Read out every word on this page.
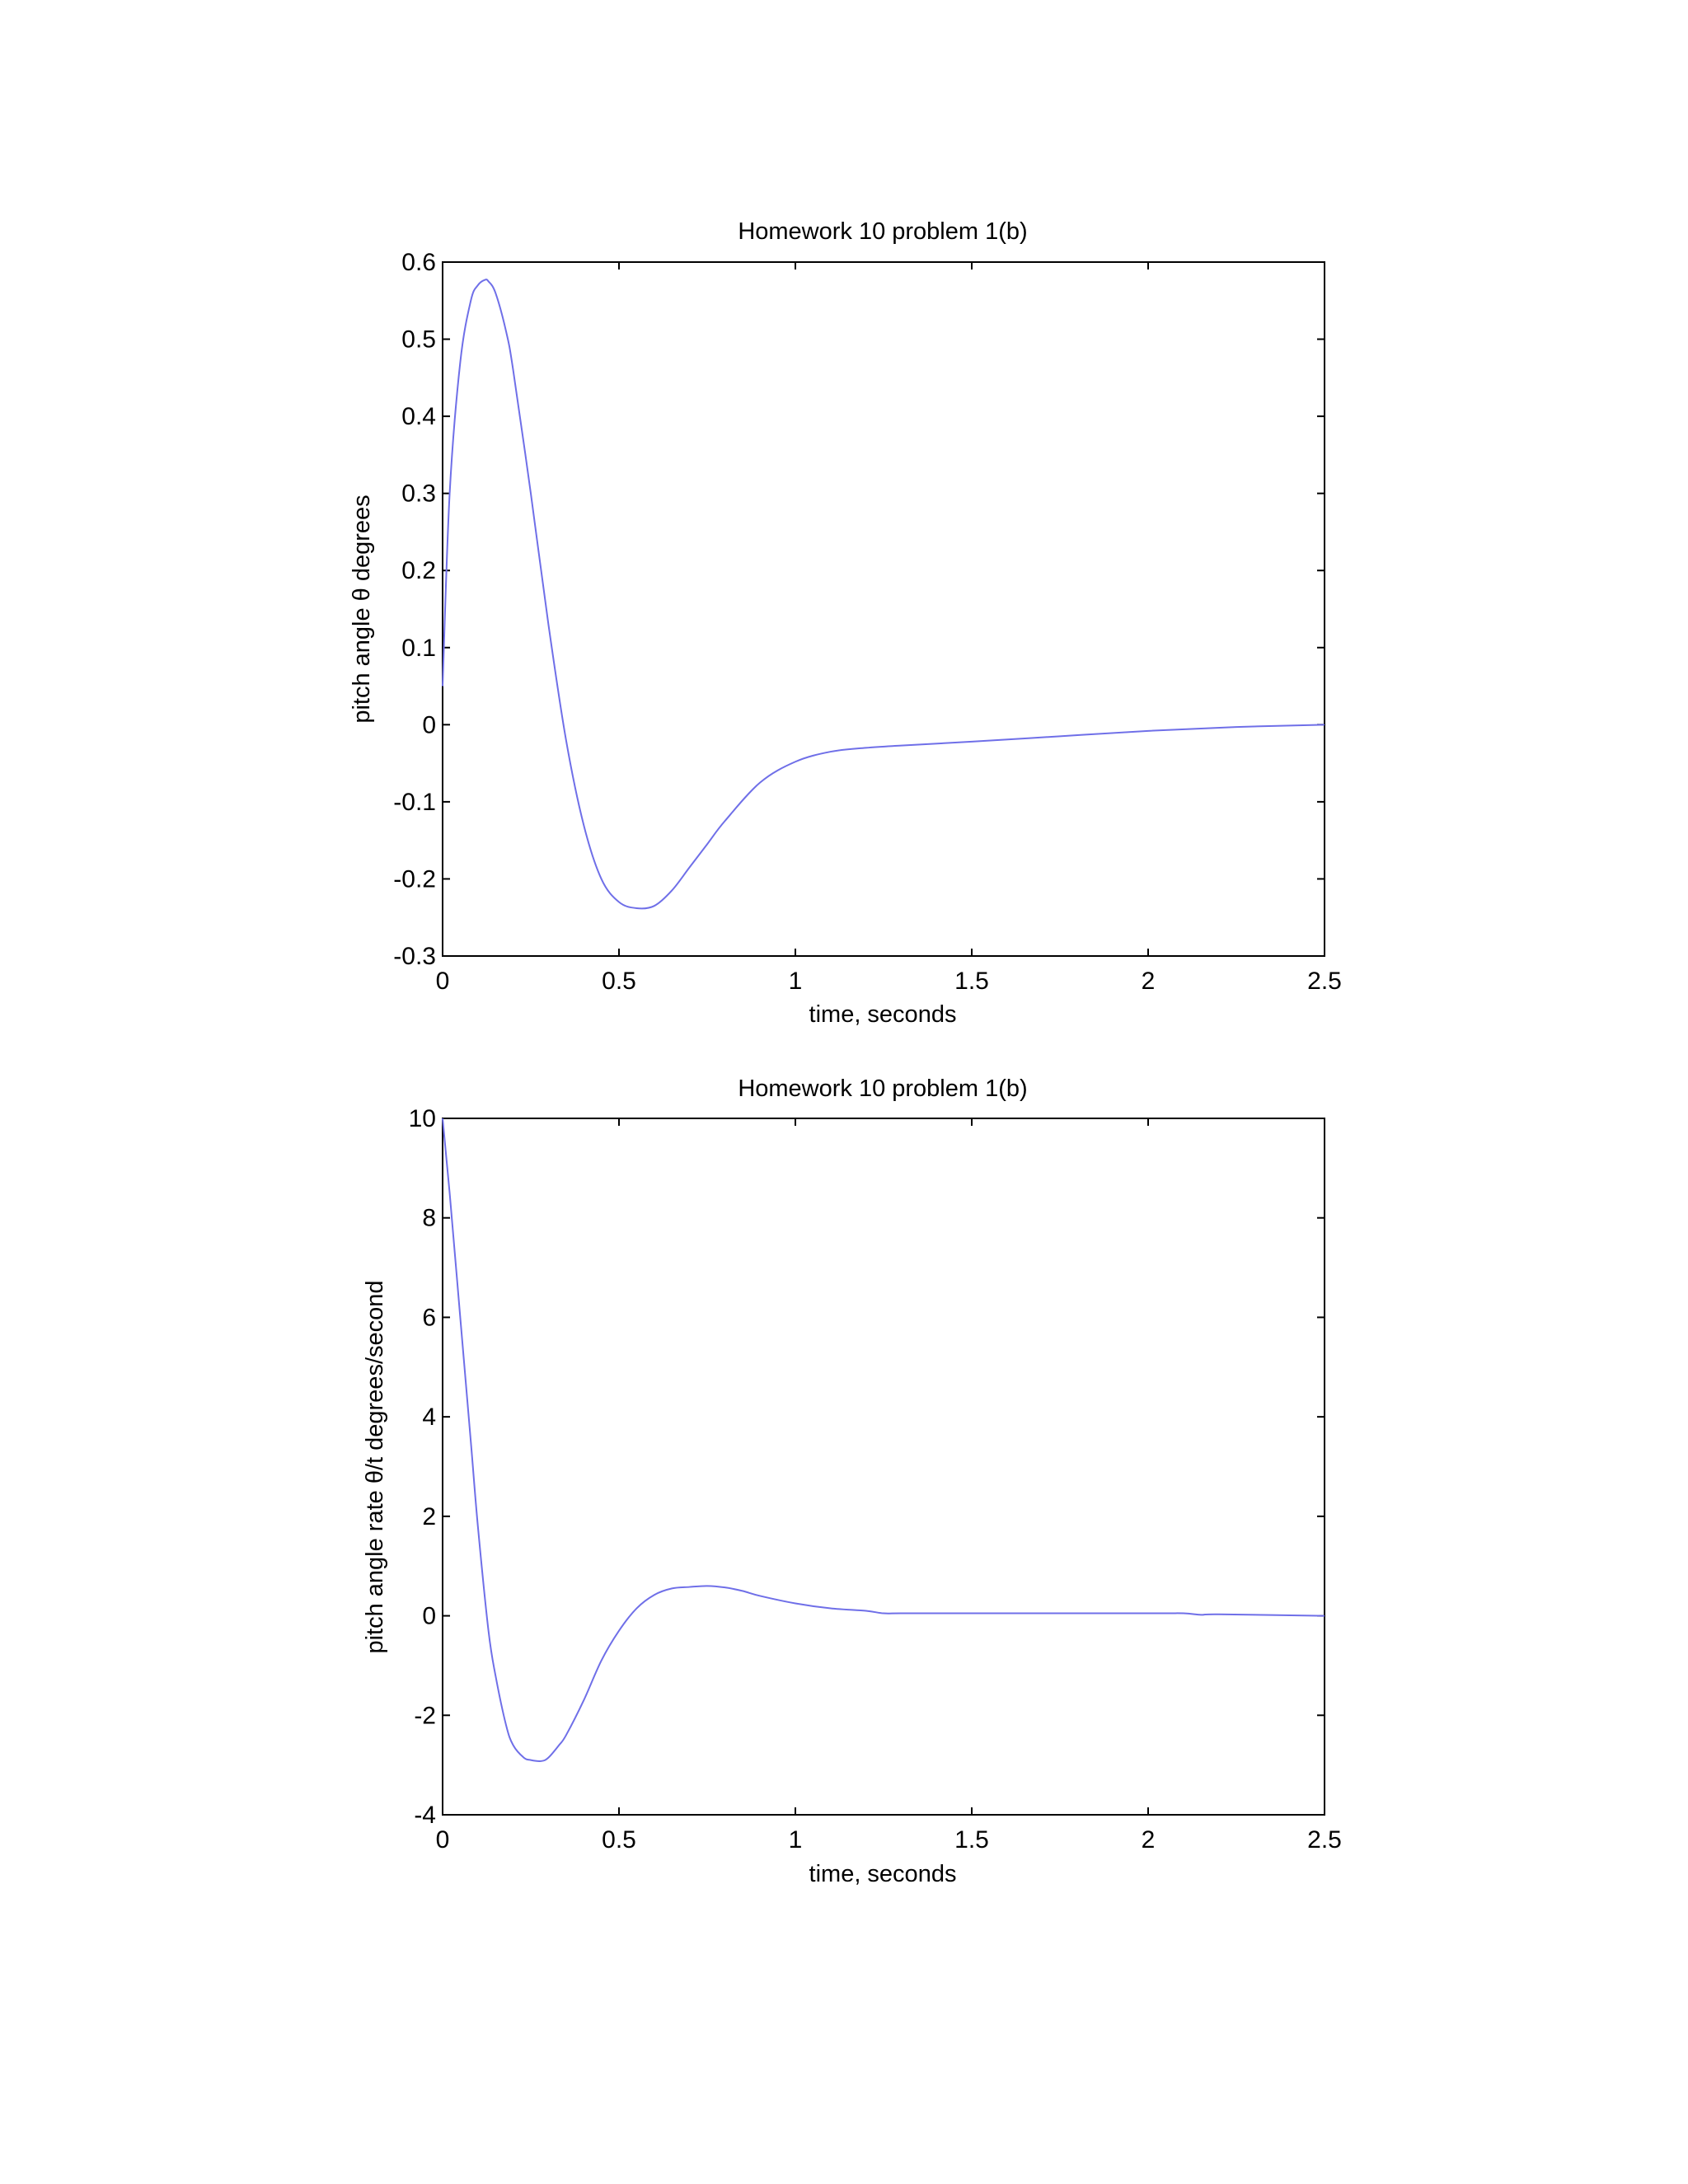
Homework 10 problem 1(b)
0	0.5	1	1.5	2	2.5
-0.3
-0.2
-0.1
0
0.1
0.2
0.3
0.4
0.5
0.6
time, seconds
pitch angle θ degrees
Homework 10 problem 1(b)
0	0.5	1	1.5	2	2.5
-4
-2
0
2
4
6
8
10
time, seconds
pitch angle rate θ/t degrees/second
